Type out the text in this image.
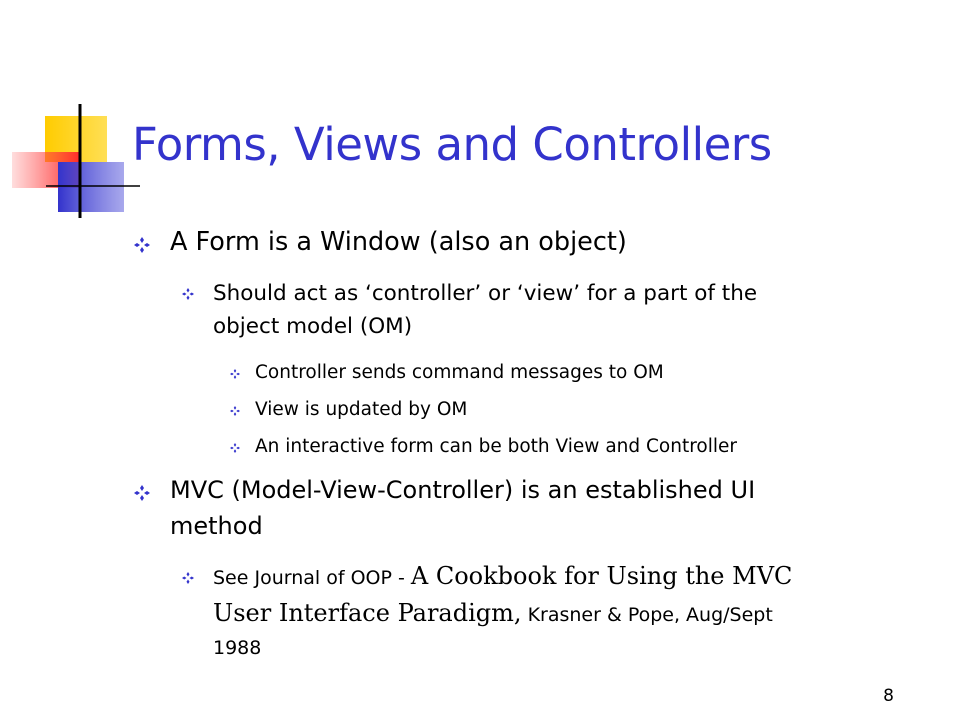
Forms, Views and Controllers

A Form is a Window (also an object)

Should act as ‘controller’ or ‘view’ for a part of the

object model (OM)

Controller sends command messages to OM

View is updated by OM

An interactive form can be both View and Controller

MVC (Model-View-Controller) is an established UI

method

See Journal of OOP - A Cookbook for Using the MVC

User Interface Paradigm, Krasner & Pope, Aug/Sept

1988

8
